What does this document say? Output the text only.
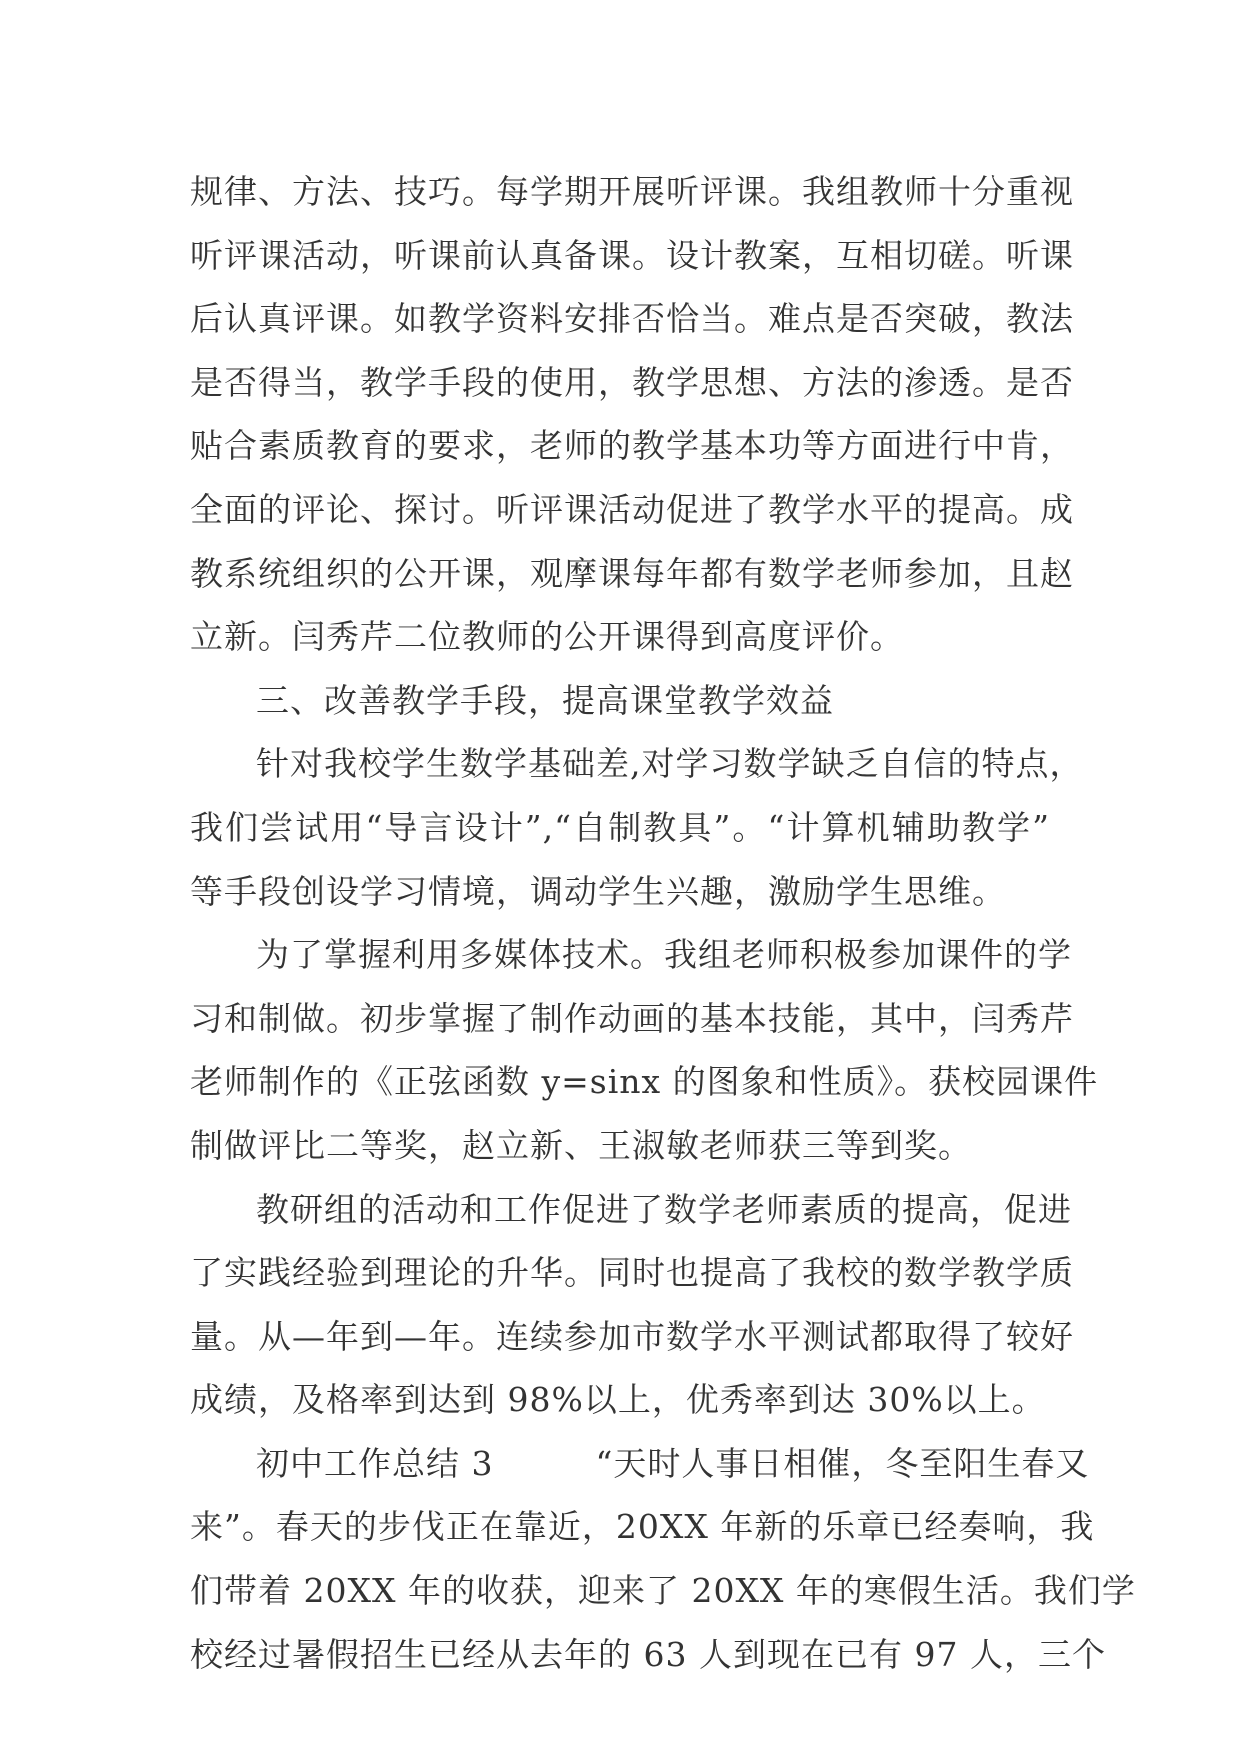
规律、方法、技巧。每学期开展听评课。我组教师十分重视
听评课活动，听课前认真备课。设计教案，互相切磋。听课
后认真评课。如教学资料安排否恰当。难点是否突破，教法
是否得当，教学手段的使用，教学思想、方法的渗透。是否
贴合素质教育的要求，老师的教学基本功等方面进行中肯，
全面的评论、探讨。听评课活动促进了教学水平的提高。成
教系统组织的公开课，观摩课每年都有数学老师参加，且赵
立新。闫秀芹二位教师的公开课得到高度评价。
三、改善教学手段，提高课堂教学效益
针对我校学生数学基础差,对学习数学缺乏自信的特点，
我们尝试用“导言设计”,“自制教具”。“计算机辅助教学”
等手段创设学习情境，调动学生兴趣，激励学生思维。
为了掌握利用多媒体技术。我组老师积极参加课件的学
习和制做。初步掌握了制作动画的基本技能，其中，闫秀芹
老师制作的《正弦函数 y=sinx 的图象和性质》。获校园课件
制做评比二等奖，赵立新、王淑敏老师获三等到奖。
教研组的活动和工作促进了数学老师素质的提高，促进
了实践经验到理论的升华。同时也提高了我校的数学教学质
量。从—年到—年。连续参加市数学水平测试都取得了较好
成绩，及格率到达到 98%以上，优秀率到达 30%以上。
初中工作总结 3　　　“天时人事日相催，冬至阳生春又
来”。春天的步伐正在靠近，20XX 年新的乐章已经奏响，我
们带着 20XX 年的收获，迎来了 20XX 年的寒假生活。我们学
校经过暑假招生已经从去年的 63 人到现在已有 97 人，三个
